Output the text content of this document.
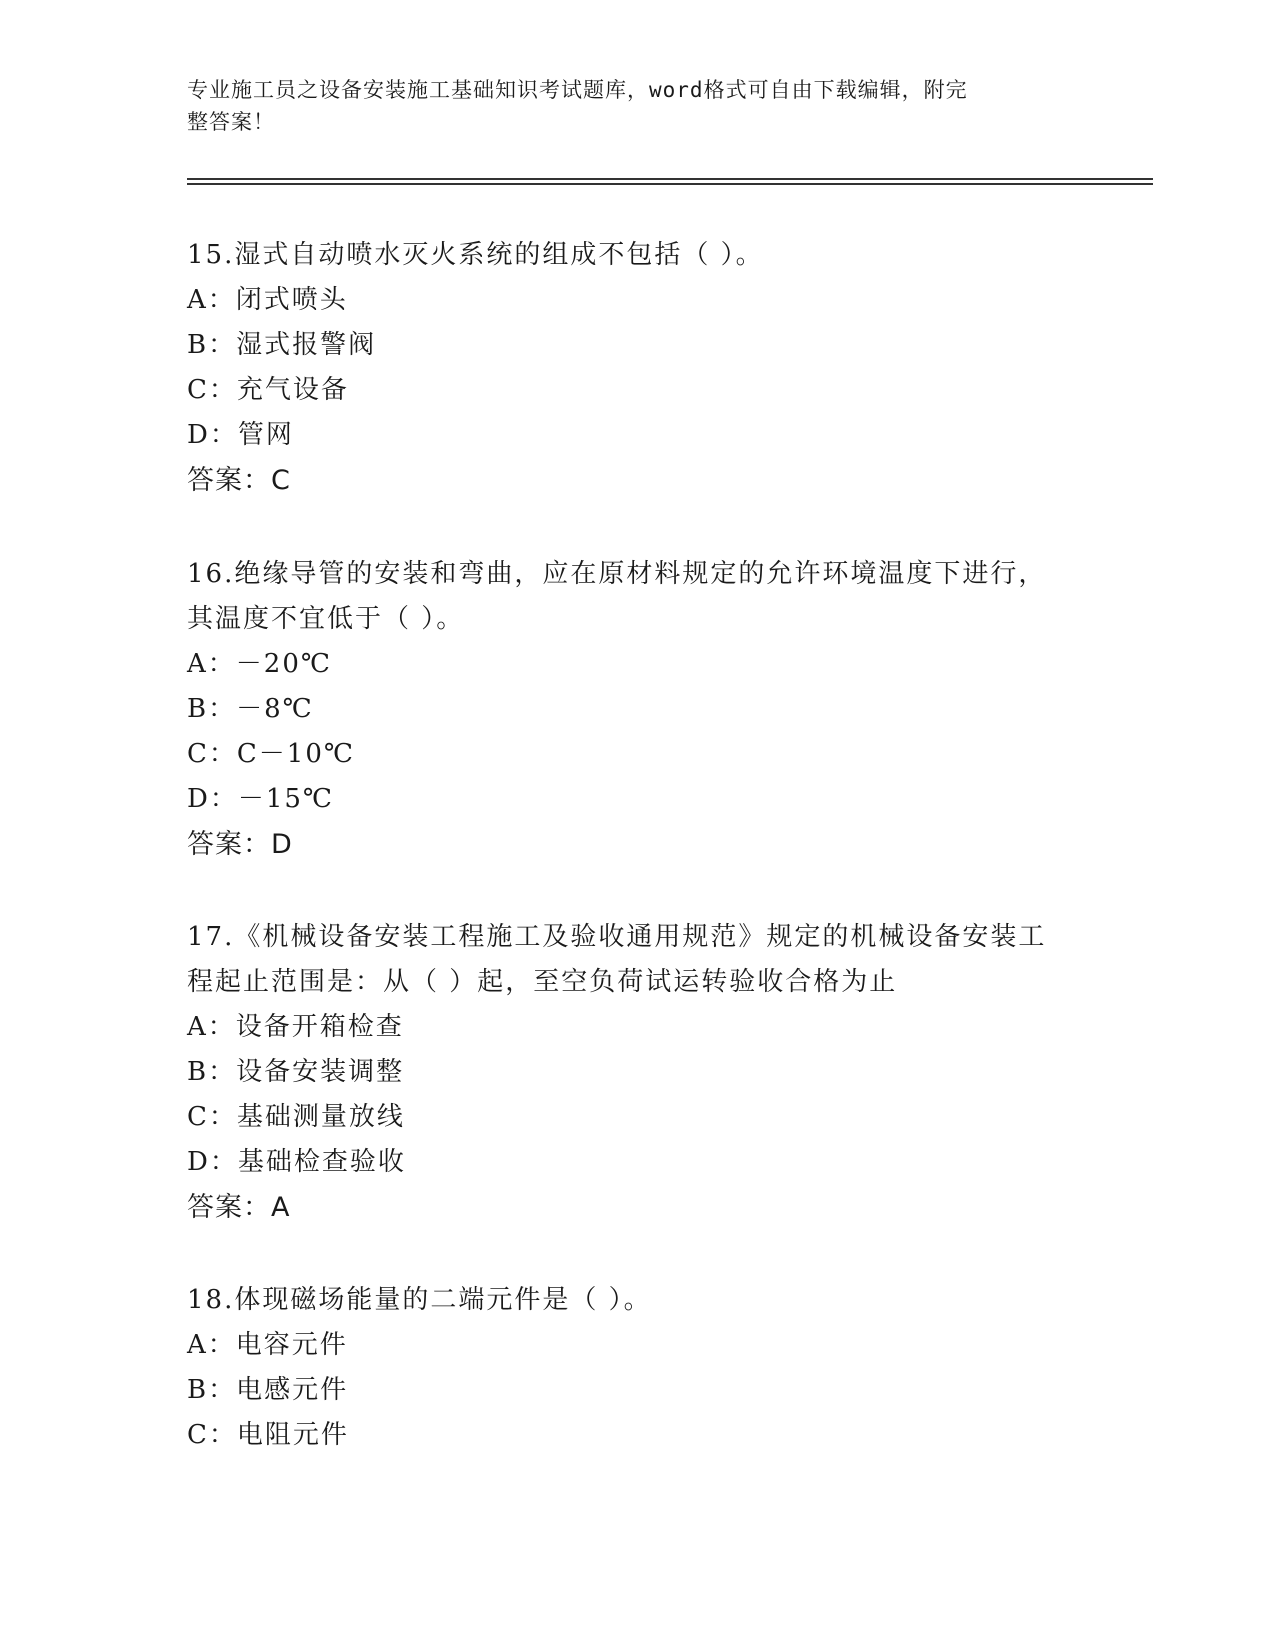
专业施工员之设备安装施工基础知识考试题库，word格式可自由下载编辑，附完
整答案！
15.湿式自动喷水灭火系统的组成不包括（ ）。
A：闭式喷头
B：湿式报警阀
C：充气设备
D：管网
答案：C
16.绝缘导管的安装和弯曲，应在原材料规定的允许环境温度下进行，
其温度不宜低于（ ）。
A：－20℃
B：－8℃
C：C－10℃
D：－15℃
答案：D
17.《机械设备安装工程施工及验收通用规范》规定的机械设备安装工
程起止范围是：从（ ）起，至空负荷试运转验收合格为止
A：设备开箱检查
B：设备安装调整
C：基础测量放线
D：基础检查验收
答案：A
18.体现磁场能量的二端元件是（ ）。
A：电容元件
B：电感元件
C：电阻元件
